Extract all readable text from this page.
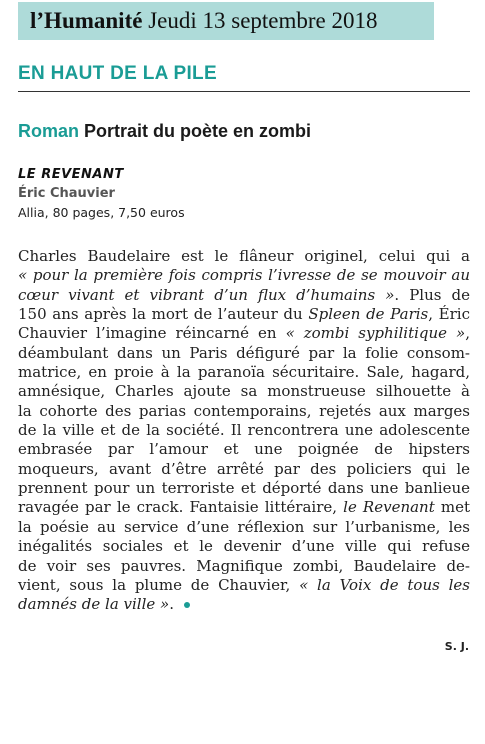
l’Humanité Jeudi 13 septembre 2018
EN HAUT DE LA PILE
Roman Portrait du poète en zombi
LE REVENANT
Éric Chauvier
Allia, 80 pages, 7,50 euros
Charles Baudelaire est le flâneur originel, celui qui a
« pour la première fois compris l’ivresse de se mouvoir au
cœur vivant et vibrant d’un flux d’humains ». Plus de
150 ans après la mort de l’auteur du Spleen de Paris, Éric
Chauvier l’imagine réincarné en « zombi syphilitique »,
déambulant dans un Paris défiguré par la folie consom-
matrice, en proie à la paranoïa sécuritaire. Sale, hagard,
amnésique, Charles ajoute sa monstrueuse silhouette à
la cohorte des parias contemporains, rejetés aux marges
de la ville et de la société. Il rencontrera une adolescente
embrasée par l’amour et une poignée de hipsters
moqueurs, avant d’être arrêté par des policiers qui le
prennent pour un terroriste et déporté dans une banlieue
ravagée par le crack. Fantaisie littéraire, le Revenant met
la poésie au service d’une réflexion sur l’urbanisme, les
inégalités sociales et le devenir d’une ville qui refuse
de voir ses pauvres. Magnifique zombi, Baudelaire de-
vient, sous la plume de Chauvier, « la Voix de tous les
damnés de la ville ».
S. J.
